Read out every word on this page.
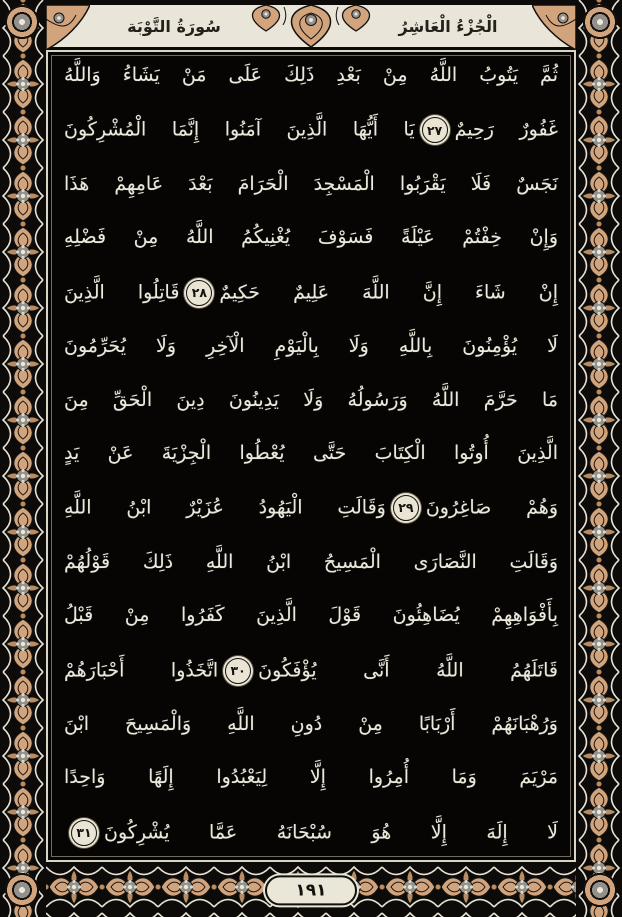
الْجُزْءُ الْعَاشِرُ
سُورَةُ التَّوْبَة
ثُمَّ يَتُوبُ اللَّهُ مِنْ بَعْدِ ذَلِكَ عَلَى مَنْ يَشَاءُ وَاللَّهُ
غَفُورٌ رَحِيمٌ٢٧يَا أَيُّهَا الَّذِينَ آمَنُوا إِنَّمَا الْمُشْرِكُونَ
نَجَسٌ فَلَا يَقْرَبُوا الْمَسْجِدَ الْحَرَامَ بَعْدَ عَامِهِمْ هَذَا
وَإِنْ خِفْتُمْ عَيْلَةً فَسَوْفَ يُغْنِيكُمُ اللَّهُ مِنْ فَضْلِهِ
إِنْ شَاءَ إِنَّ اللَّهَ عَلِيمٌ حَكِيمٌ٢٨قَاتِلُوا الَّذِينَ
لَا يُؤْمِنُونَ بِاللَّهِ وَلَا بِالْيَوْمِ الْآخِرِ وَلَا يُحَرِّمُونَ
مَا حَرَّمَ اللَّهُ وَرَسُولُهُ وَلَا يَدِينُونَ دِينَ الْحَقِّ مِنَ
الَّذِينَ أُوتُوا الْكِتَابَ حَتَّى يُعْطُوا الْجِزْيَةَ عَنْ يَدٍ
وَهُمْ صَاغِرُونَ٢٩وَقَالَتِ الْيَهُودُ عُزَيْرٌ ابْنُ اللَّهِ
وَقَالَتِ النَّصَارَى الْمَسِيحُ ابْنُ اللَّهِ ذَلِكَ قَوْلُهُمْ
بِأَفْوَاهِهِمْ يُضَاهِئُونَ قَوْلَ الَّذِينَ كَفَرُوا مِنْ قَبْلُ
قَاتَلَهُمُ اللَّهُ أَنَّى يُؤْفَكُونَ٣٠اتَّخَذُوا أَحْبَارَهُمْ
وَرُهْبَانَهُمْ أَرْبَابًا مِنْ دُونِ اللَّهِ وَالْمَسِيحَ ابْنَ
مَرْيَمَ وَمَا أُمِرُوا إِلَّا لِيَعْبُدُوا إِلَهًا وَاحِدًا
لَا إِلَهَ إِلَّا هُوَ سُبْحَانَهُ عَمَّا يُشْرِكُونَ٣١
١٩١
